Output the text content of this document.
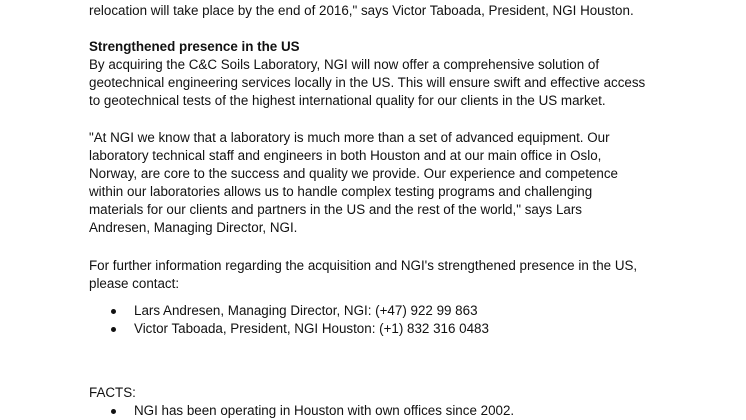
relocation will take place by the end of 2016," says Victor Taboada, President, NGI Houston.

Strengthened presence in the US

By acquiring the C&C Soils Laboratory, NGI will now offer a comprehensive solution of

geotechnical engineering services locally in the US. This will ensure swift and effective access

to geotechnical tests of the highest international quality for our clients in the US market.

"At NGI we know that a laboratory is much more than a set of advanced equipment. Our

laboratory technical staff and engineers in both Houston and at our main office in Oslo,

Norway, are core to the success and quality we provide. Our experience and competence

within our laboratories allows us to handle complex testing programs and challenging

materials for our clients and partners in the US and the rest of the world," says Lars

Andresen, Managing Director, NGI.

For further information regarding the acquisition and NGI's strengthened presence in the US,

please contact:

Lars Andresen, Managing Director, NGI: (+47) 922 99 863
Victor Taboada, President, NGI Houston: (+1) 832 316 0483

FACTS:

NGI has been operating in Houston with own offices since 2002.
